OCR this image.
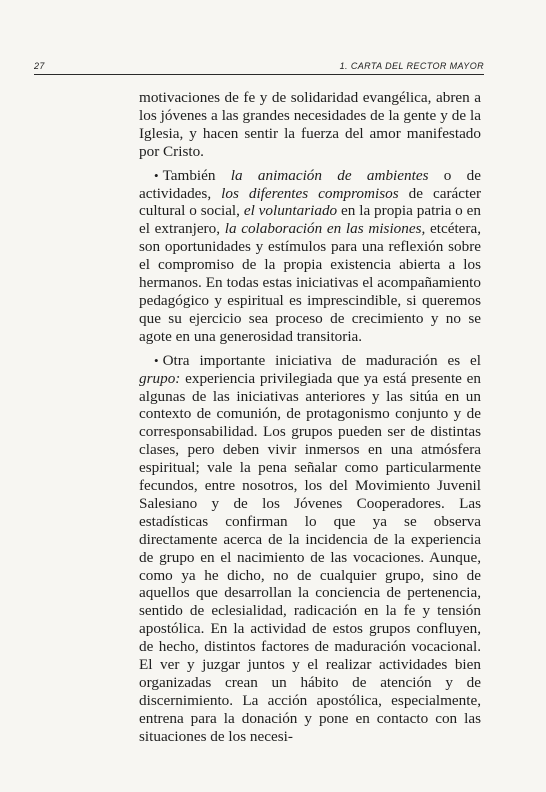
27	1. CARTA DEL RECTOR MAYOR

motivaciones de fe y de solidaridad evangélica, abren a los jóvenes a las grandes necesidades de la gente y de la Iglesia, y hacen sentir la fuerza del amor manifestado por Cristo.

• También la animación de ambientes o de actividades, los diferentes compromisos de carácter cultural o social, el voluntariado en la propia patria o en el extranjero, la colaboración en las misiones, etcétera, son oportunidades y estímulos para una reflexión sobre el compromiso de la propia existencia abierta a los hermanos. En todas estas iniciativas el acompañamiento pedagógico y espiritual es imprescindible, si queremos que su ejercicio sea proceso de crecimiento y no se agote en una generosidad transitoria.

• Otra importante iniciativa de maduración es el grupo: experiencia privilegiada que ya está presente en algunas de las iniciativas anteriores y las sitúa en un contexto de comunión, de protagonismo conjunto y de corresponsabilidad. Los grupos pueden ser de distintas clases, pero deben vivir inmersos en una atmósfera espiritual; vale la pena señalar como particularmente fecundos, entre nosotros, los del Movimiento Juvenil Salesiano y de los Jóvenes Cooperadores. Las estadísticas confirman lo que ya se observa directamente acerca de la incidencia de la experiencia de grupo en el nacimiento de las vocaciones. Aunque, como ya he dicho, no de cualquier grupo, sino de aquellos que desarrollan la conciencia de pertenencia, sentido de eclesialidad, radicación en la fe y tensión apostólica. En la actividad de estos grupos confluyen, de hecho, distintos factores de maduración vocacional. El ver y juzgar juntos y el realizar actividades bien organizadas crean un hábito de atención y de discernimiento. La acción apostólica, especialmente, entrena para la donación y pone en contacto con las situaciones de los necesi-
